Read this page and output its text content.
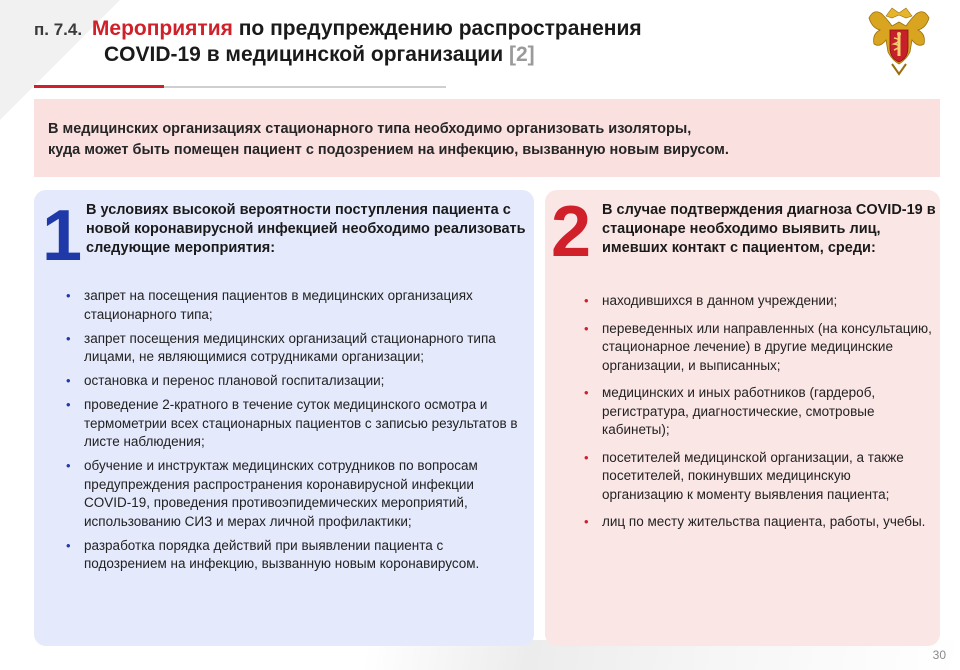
п. 7.4. Мероприятия по предупреждению распространения
COVID-19 в медицинской организации [2]
В медицинских организациях стационарного типа необходимо организовать изоляторы,
куда может быть помещен пациент с подозрением на инфекцию, вызванную новым вирусом.
1 В условиях высокой вероятности поступления пациента с новой коронавирусной инфекцией необходимо реализовать следующие мероприятия:
• запрет на посещения пациентов в медицинских организациях стационарного типа;
• запрет посещения медицинских организаций стационарного типа лицами, не являющимися сотрудниками организации;
• остановка и перенос плановой госпитализации;
• проведение 2-кратного в течение суток медицинского осмотра и термометрии всех стационарных пациентов с записью результатов в листе наблюдения;
• обучение и инструктаж медицинских сотрудников по вопросам предупреждения распространения коронавирусной инфекции COVID-19, проведения противоэпидемических мероприятий, использованию СИЗ и мерах личной профилактики;
• разработка порядка действий при выявлении пациента с подозрением на инфекцию, вызванную новым коронавирусом.
2 В случае подтверждения диагноза COVID-19 в стационаре необходимо выявить лиц, имевших контакт с пациентом, среди:
• находившихся в данном учреждении;
• переведенных или направленных (на консультацию, стационарное лечение) в другие медицинские организации, и выписанных;
• медицинских и иных работников (гардероб, регистратура, диагностические, смотровые кабинеты);
• посетителей медицинской организации, а также посетителей, покинувших медицинскую организацию к моменту выявления пациента;
• лиц по месту жительства пациента, работы, учебы.
30
